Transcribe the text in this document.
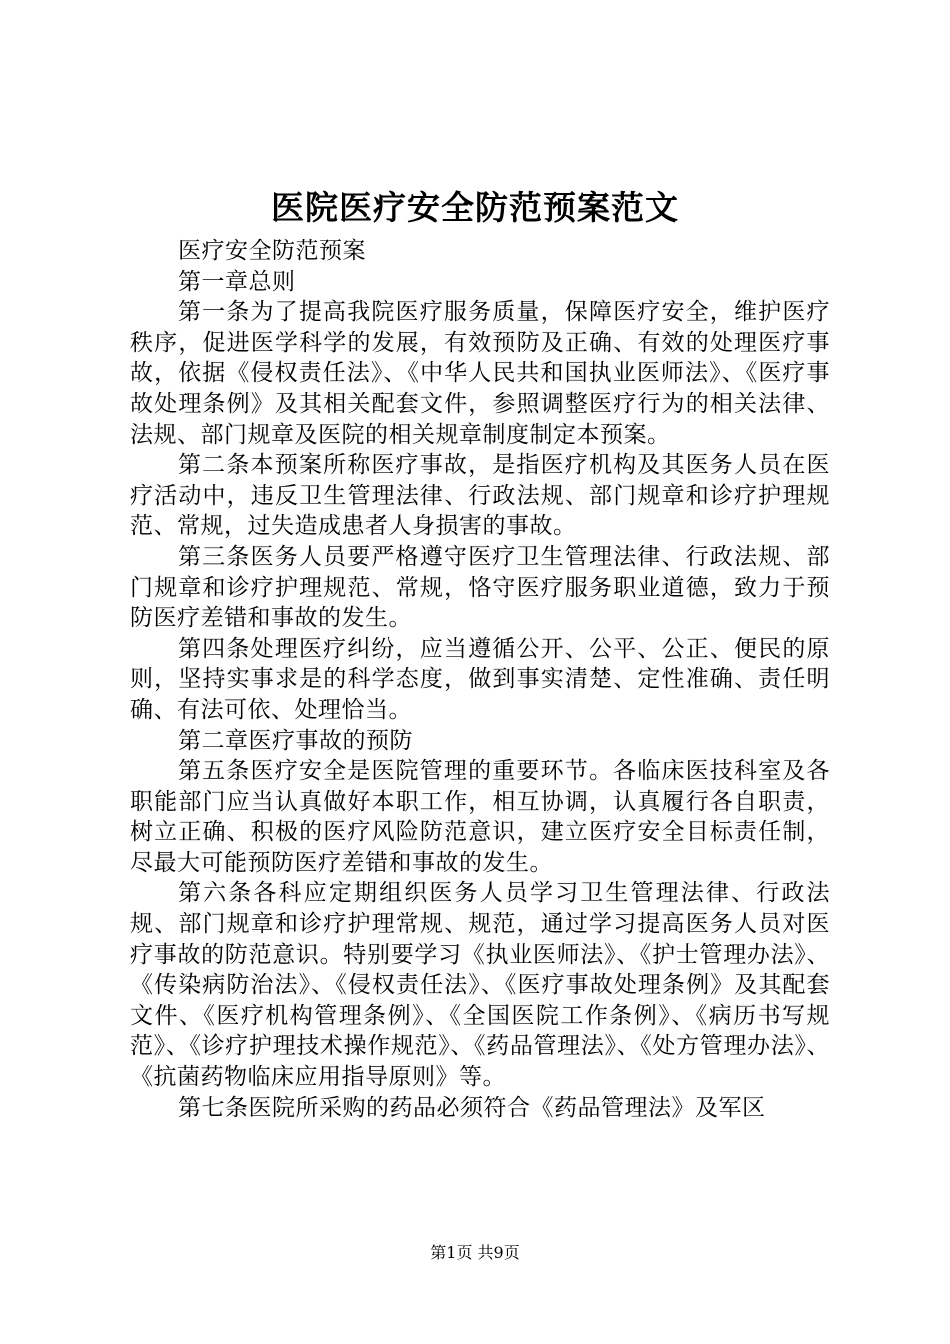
医院医疗安全防范预案范文

医疗安全防范预案

第一章总则

第一条为了提高我院医疗服务质量，保障医疗安全，维护医疗秩序，促进医学科学的发展，有效预防及正确、有效的处理医疗事故，依据《侵权责任法》、《中华人民共和国执业医师法》、《医疗事故处理条例》及其相关配套文件，参照调整医疗行为的相关法律、法规、部门规章及医院的相关规章制度制定本预案。

第二条本预案所称医疗事故，是指医疗机构及其医务人员在医疗活动中，违反卫生管理法律、行政法规、部门规章和诊疗护理规范、常规，过失造成患者人身损害的事故。

第三条医务人员要严格遵守医疗卫生管理法律、行政法规、部门规章和诊疗护理规范、常规，恪守医疗服务职业道德，致力于预防医疗差错和事故的发生。

第四条处理医疗纠纷，应当遵循公开、公平、公正、便民的原则，坚持实事求是的科学态度，做到事实清楚、定性准确、责任明确、有法可依、处理恰当。

第二章医疗事故的预防

第五条医疗安全是医院管理的重要环节。各临床医技科室及各职能部门应当认真做好本职工作，相互协调，认真履行各自职责，树立正确、积极的医疗风险防范意识，建立医疗安全目标责任制，尽最大可能预防医疗差错和事故的发生。

第六条各科应定期组织医务人员学习卫生管理法律、行政法规、部门规章和诊疗护理常规、规范，通过学习提高医务人员对医疗事故的防范意识。特别要学习《执业医师法》、《护士管理办法》、《传染病防治法》、《侵权责任法》、《医疗事故处理条例》及其配套文件、《医疗机构管理条例》、《全国医院工作条例》、《病历书写规范》、《诊疗护理技术操作规范》、《药品管理法》、《处方管理办法》、《抗菌药物临床应用指导原则》等。

第七条医院所采购的药品必须符合《药品管理法》及军区

第1页 共9页
